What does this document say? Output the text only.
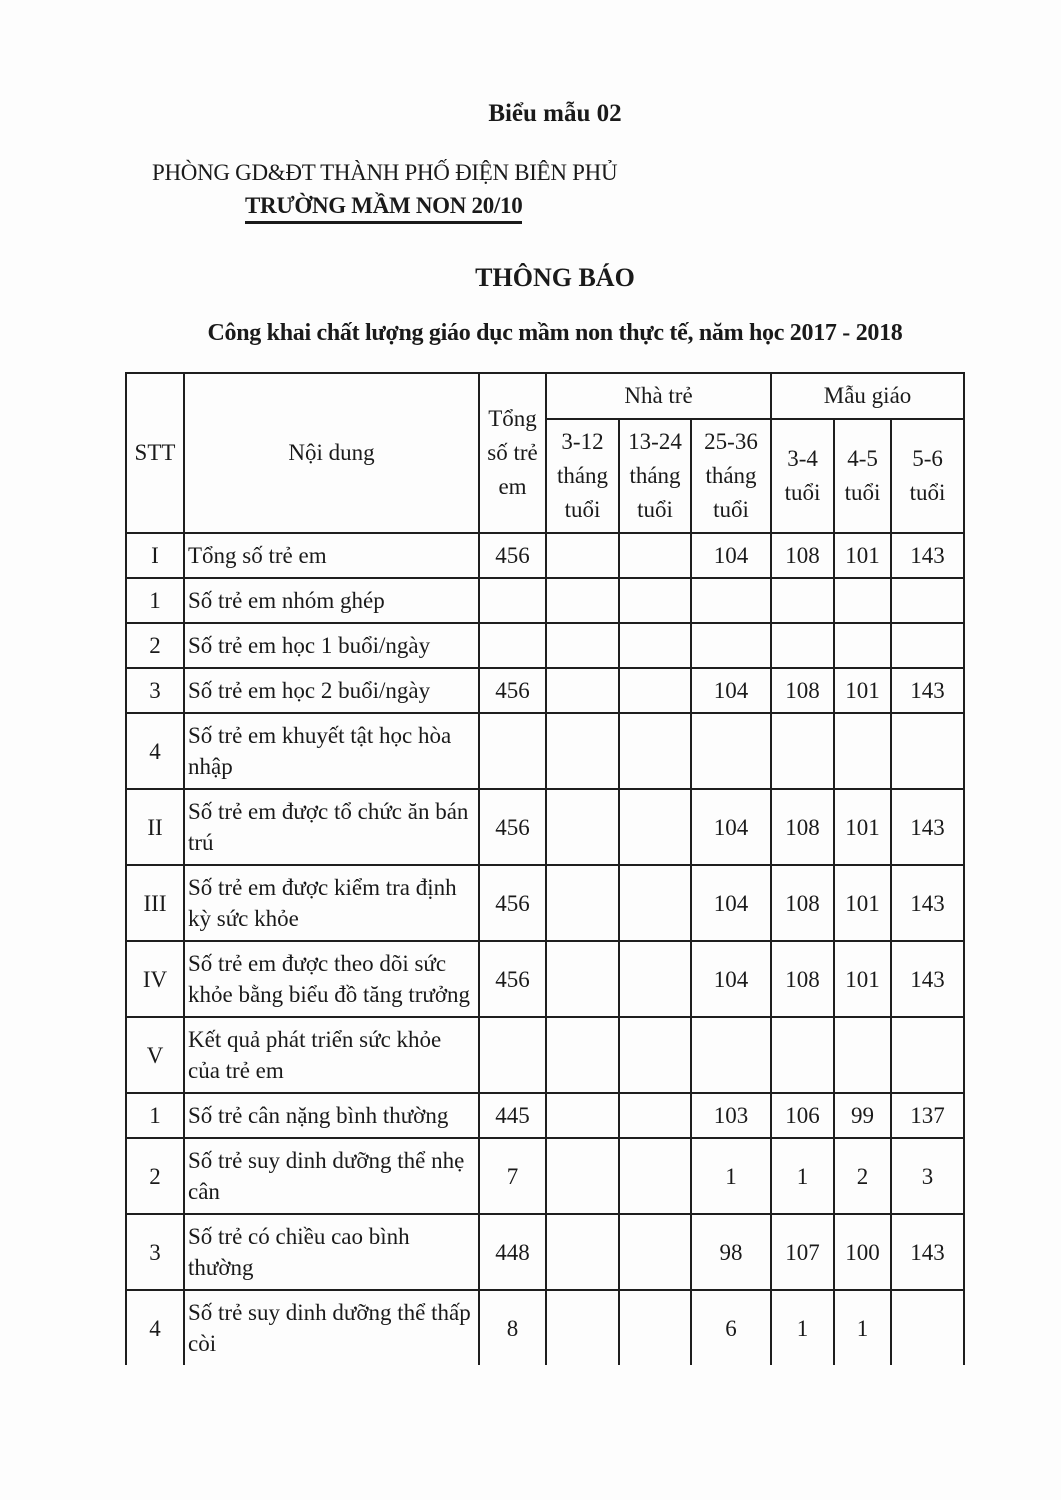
Biểu mẫu 02
PHÒNG GD&ĐT THÀNH PHỐ ĐIỆN BIÊN PHỦ
TRƯỜNG MẦM NON 20/10
THÔNG BÁO
Công khai chất lượng giáo dục mầm non thực tế, năm học 2017 - 2018
STT	Nội dung	Tổng số trẻ em	Nhà trẻ			Mẫu giáo		
			3-12 tháng tuổi	13-24 tháng tuổi	25-36 tháng tuổi	3-4 tuổi	4-5 tuổi	5-6 tuổi
I	Tổng số trẻ em	456			104	108	101	143
1	Số trẻ em nhóm ghép							
2	Số trẻ em học 1 buổi/ngày							
3	Số trẻ em học 2 buổi/ngày	456			104	108	101	143
4	Số trẻ em khuyết tật học hòa nhập							
II	Số trẻ em được tổ chức ăn bán trú	456			104	108	101	143
III	Số trẻ em được kiểm tra định kỳ sức khỏe	456			104	108	101	143
IV	Số trẻ em được theo dõi sức khỏe bằng biểu đồ tăng trưởng	456			104	108	101	143
V	Kết quả phát triển sức khỏe của trẻ em							
1	Số trẻ cân nặng bình thường	445			103	106	99	137
2	Số trẻ suy dinh dưỡng thể nhẹ cân	7			1	1	2	3
3	Số trẻ có chiều cao bình thường	448			98	107	100	143
4	Số trẻ suy dinh dưỡng thể thấp còi	8			6	1	1	
